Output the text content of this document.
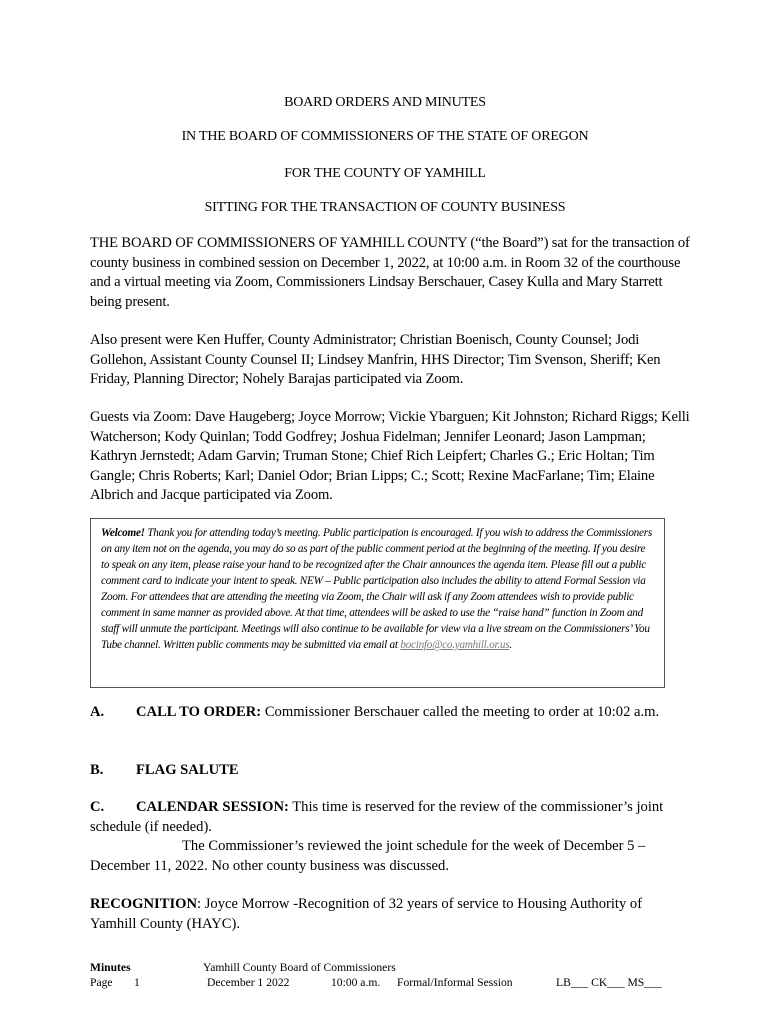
BOARD ORDERS AND MINUTES
IN THE BOARD OF COMMISSIONERS OF THE STATE OF OREGON
FOR THE COUNTY OF YAMHILL
SITTING FOR THE TRANSACTION OF COUNTY BUSINESS
THE BOARD OF COMMISSIONERS OF YAMHILL COUNTY (“the Board”) sat for the transaction of county business in combined session on December 1, 2022, at 10:00 a.m. in Room 32 of the courthouse and a virtual meeting via Zoom, Commissioners Lindsay Berschauer, Casey Kulla and Mary Starrett being present.
Also present were Ken Huffer, County Administrator; Christian Boenisch, County Counsel; Jodi Gollehon, Assistant County Counsel II; Lindsey Manfrin, HHS Director; Tim Svenson, Sheriff; Ken Friday, Planning Director; Nohely Barajas participated via Zoom.
Guests via Zoom: Dave Haugeberg; Joyce Morrow; Vickie Ybarguen; Kit Johnston; Richard Riggs; Kelli Watcherson; Kody Quinlan; Todd Godfrey; Joshua Fidelman; Jennifer Leonard; Jason Lampman; Kathryn Jernstedt; Adam Garvin; Truman Stone; Chief Rich Leipfert; Charles G.; Eric Holtan; Tim Gangle; Chris Roberts; Karl; Daniel Odor; Brian Lipps; C.; Scott; Rexine MacFarlane; Tim; Elaine Albrich and Jacque participated via Zoom.
Welcome! Thank you for attending today’s meeting. Public participation is encouraged. If you wish to address the Commissioners on any item not on the agenda, you may do so as part of the public comment period at the beginning of the meeting. If you desire to speak on any item, please raise your hand to be recognized after the Chair announces the agenda item. Please fill out a public comment card to indicate your intent to speak. NEW – Public participation also includes the ability to attend Formal Session via Zoom. For attendees that are attending the meeting via Zoom, the Chair will ask if any Zoom attendees wish to provide public comment in same manner as provided above. At that time, attendees will be asked to use the “raise hand” function in Zoom and staff will unmute the participant. Meetings will also continue to be available for view via a live stream on the Commissioners’ You Tube channel. Written public comments may be submitted via email at bocinfo@co.yamhill.or.us.
A. CALL TO ORDER: Commissioner Berschauer called the meeting to order at 10:02 a.m.
B. FLAG SALUTE
C. CALENDAR SESSION: This time is reserved for the review of the commissioner’s joint schedule (if needed).
The Commissioner’s reviewed the joint schedule for the week of December 5 – December 11, 2022. No other county business was discussed.
RECOGNITION: Joyce Morrow -Recognition of 32 years of service to Housing Authority of Yamhill County (HAYC).
Minutes	Yamhill County Board of Commissioners
Page 1	December 1 2022	10:00 a.m. Formal/Informal Session	LB___ CK___ MS___
